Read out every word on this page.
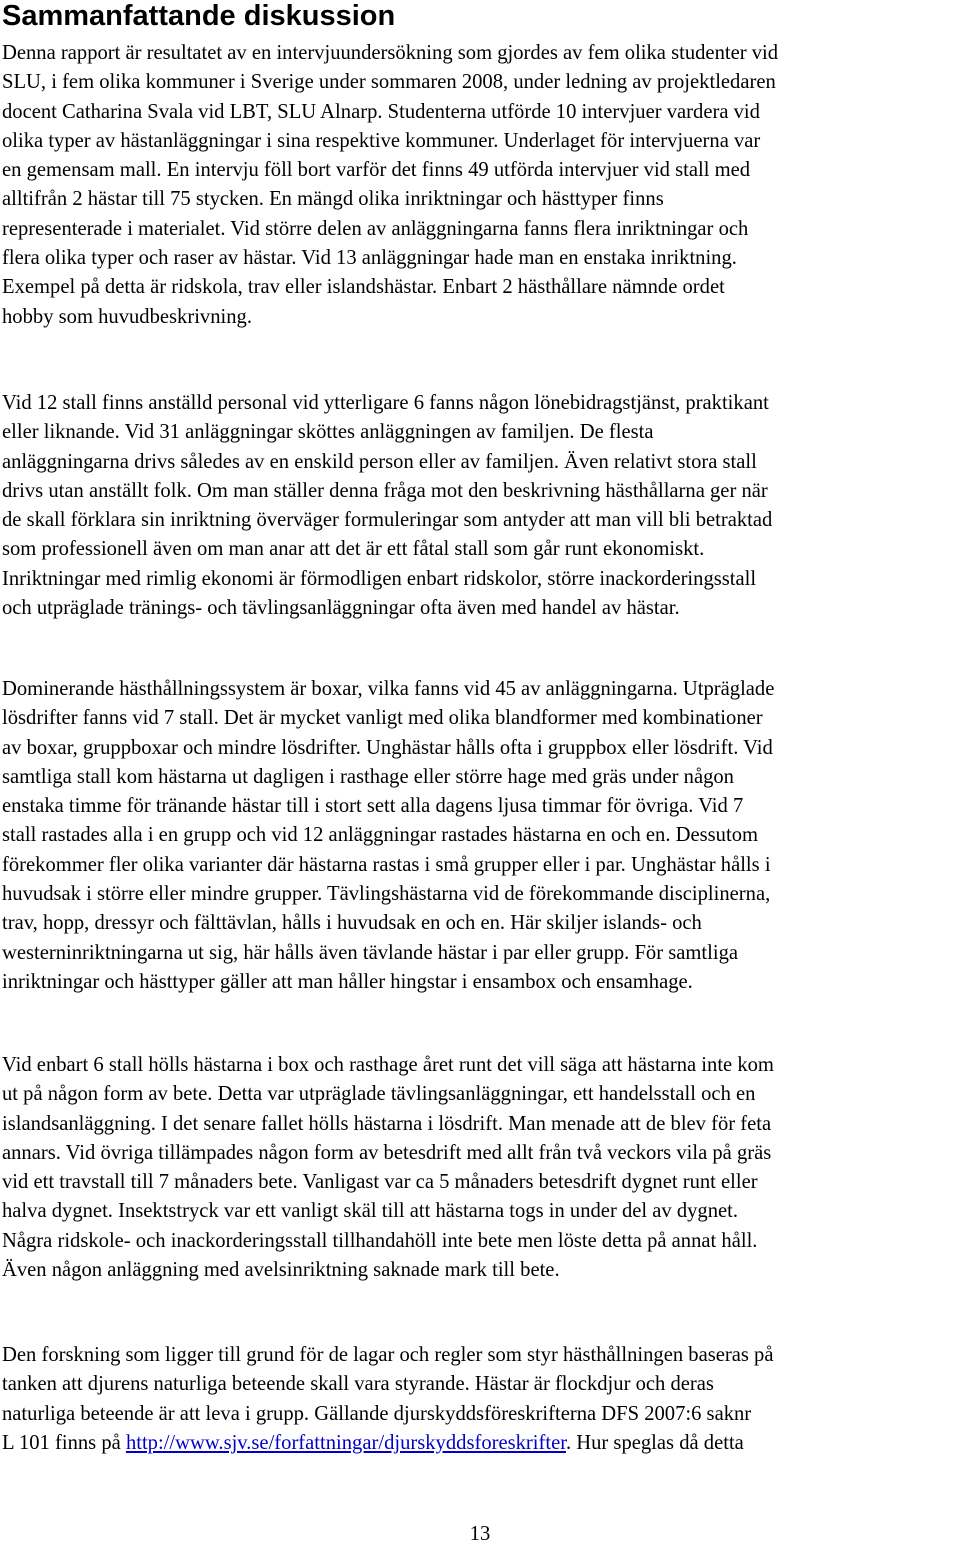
Sammanfattande diskussion

Denna rapport är resultatet av en intervjuundersökning som gjordes av fem olika studenter vid
SLU, i fem olika kommuner i Sverige under sommaren 2008, under ledning av projektledaren
docent Catharina Svala vid LBT, SLU Alnarp. Studenterna utförde 10 intervjuer vardera vid
olika typer av hästanläggningar i sina respektive kommuner. Underlaget för intervjuerna var
en gemensam mall. En intervju föll bort varför det finns 49 utförda intervjuer vid stall med
alltifrån 2 hästar till 75 stycken. En mängd olika inriktningar och hästtyper finns
representerade i materialet. Vid större delen av anläggningarna fanns flera inriktningar och
flera olika typer och raser av hästar. Vid 13 anläggningar hade man en enstaka inriktning.
Exempel på detta är ridskola, trav eller islandshästar. Enbart 2 hästhållare nämnde ordet
hobby som huvudbeskrivning.

Vid 12 stall finns anställd personal vid ytterligare 6 fanns någon lönebidragstjänst, praktikant
eller liknande. Vid 31 anläggningar sköttes anläggningen av familjen. De flesta
anläggningarna drivs således av en enskild person eller av familjen. Även relativt stora stall
drivs utan anställt folk. Om man ställer denna fråga mot den beskrivning hästhållarna ger när
de skall förklara sin inriktning överväger formuleringar som antyder att man vill bli betraktad
som professionell även om man anar att det är ett fåtal stall som går runt ekonomiskt.
Inriktningar med rimlig ekonomi är förmodligen enbart ridskolor, större inackorderingsstall
och utpräglade tränings- och tävlingsanläggningar ofta även med handel av hästar.

Dominerande hästhållningssystem är boxar, vilka fanns vid 45 av anläggningarna. Utpräglade
lösdrifter fanns vid 7 stall. Det är mycket vanligt med olika blandformer med kombinationer
av boxar, gruppboxar och mindre lösdrifter. Unghästar hålls ofta i gruppbox eller lösdrift. Vid
samtliga stall kom hästarna ut dagligen i rasthage eller större hage med gräs under någon
enstaka timme för tränande hästar till i stort sett alla dagens ljusa timmar för övriga. Vid 7
stall rastades alla i en grupp och vid 12 anläggningar rastades hästarna en och en. Dessutom
förekommer fler olika varianter där hästarna rastas i små grupper eller i par. Unghästar hålls i
huvudsak i större eller mindre grupper. Tävlingshästarna vid de förekommande disciplinerna,
trav, hopp, dressyr och fälttävlan, hålls i huvudsak en och en. Här skiljer islands- och
westerninriktningarna ut sig, här hålls även tävlande hästar i par eller grupp. För samtliga
inriktningar och hästtyper gäller att man håller hingstar i ensambox och ensamhage.

Vid enbart 6 stall hölls hästarna i box och rasthage året runt det vill säga att hästarna inte kom
ut på någon form av bete. Detta var utpräglade tävlingsanläggningar, ett handelsstall och en
islandsanläggning. I det senare fallet hölls hästarna i lösdrift. Man menade att de blev för feta
annars. Vid övriga tillämpades någon form av betesdrift med allt från två veckors vila på gräs
vid ett travstall till 7 månaders bete. Vanligast var ca 5 månaders betesdrift dygnet runt eller
halva dygnet. Insektstryck var ett vanligt skäl till att hästarna togs in under del av dygnet.
Några ridskole- och inackorderingsstall tillhandahöll inte bete men löste detta på annat håll.
Även någon anläggning med avelsinriktning saknade mark till bete.

Den forskning som ligger till grund för de lagar och regler som styr hästhållningen baseras på
tanken att djurens naturliga beteende skall vara styrande. Hästar är flockdjur och deras
naturliga beteende är att leva i grupp. Gällande djurskyddsföreskrifterna DFS 2007:6 saknr
L 101 finns på http://www.sjv.se/forfattningar/djurskyddsforeskrifter. Hur speglas då detta

13
